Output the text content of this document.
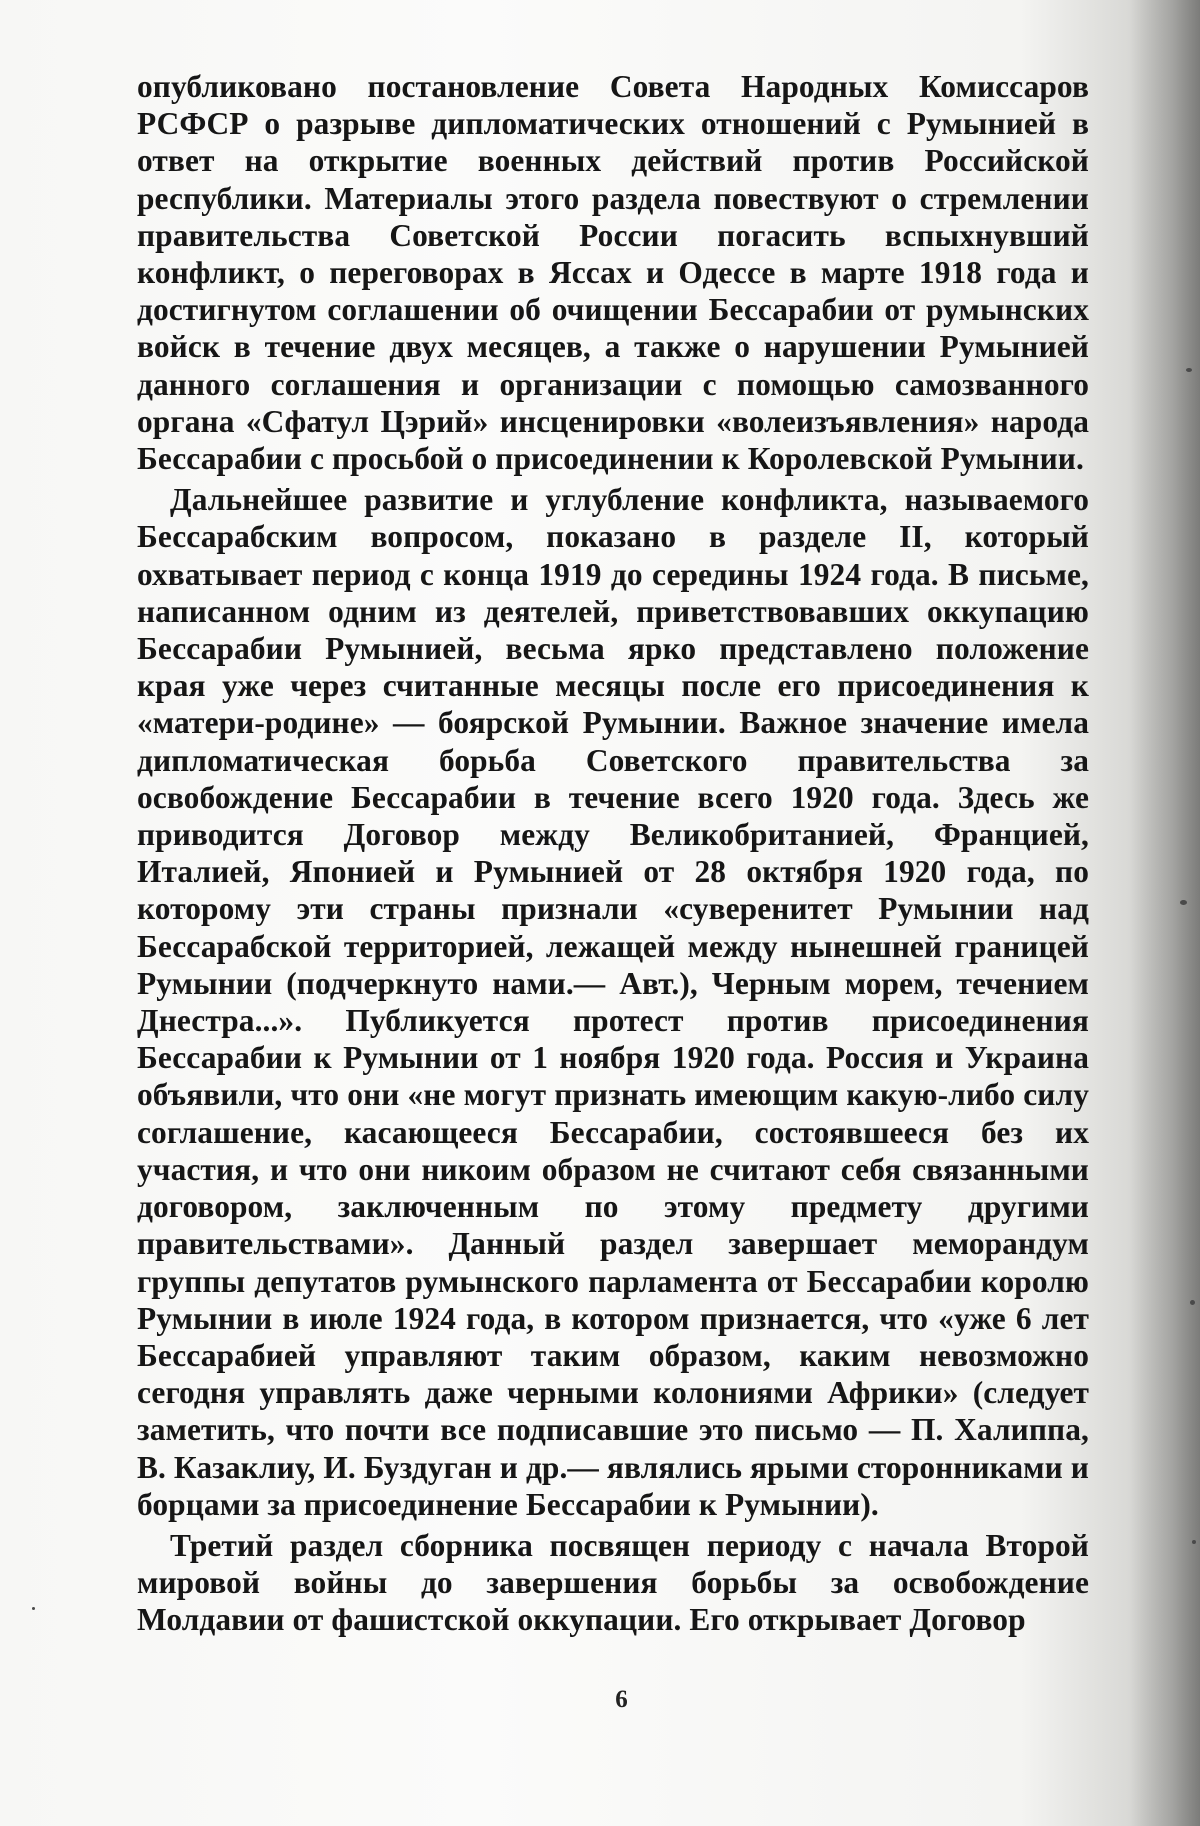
опубликовано постановление Совета Народных Комиссаров РСФСР о разрыве дипломатических отношений с Румынией в ответ на открытие военных действий против Российской республики. Материалы этого раздела повествуют о стремлении правительства Советской России погасить вспыхнувший конфликт, о переговорах в Яссах и Одессе в марте 1918 года и достигнутом соглашении об очищении Бессарабии от румынских войск в течение двух месяцев, а также о нарушении Румынией данного соглашения и организации с помощью самозванного органа «Сфатул Цэрий» инсценировки «волеизъявления» народа Бессарабии с просьбой о присоединении к Королевской Румынии.

Дальнейшее развитие и углубление конфликта, называемого Бессарабским вопросом, показано в разделе II, который охватывает период с конца 1919 до середины 1924 года. В письме, написанном одним из деятелей, приветствовавших оккупацию Бессарабии Румынией, весьма ярко представлено положение края уже через считанные месяцы после его присоединения к «матери-родине» — боярской Румынии. Важное значение имела дипломатическая борьба Советского правительства за освобождение Бессарабии в течение всего 1920 года. Здесь же приводится Договор между Великобританией, Францией, Италией, Японией и Румынией от 28 октября 1920 года, по которому эти страны признали «суверенитет Румынии над Бессарабской территорией, лежащей между нынешней границей Румынии (подчеркнуто нами.— Авт.), Черным морем, течением Днестра...». Публикуется протест против присоединения Бессарабии к Румынии от 1 ноября 1920 года. Россия и Украина объявили, что они «не могут признать имеющим какую-либо силу соглашение, касающееся Бессарабии, состоявшееся без их участия, и что они никоим образом не считают себя связанными договором, заключенным по этому предмету другими правительствами». Данный раздел завершает меморандум группы депутатов румынского парламента от Бессарабии королю Румынии в июле 1924 года, в котором признается, что «уже 6 лет Бессарабией управляют таким образом, каким невозможно сегодня управлять даже черными колониями Африки» (следует заметить, что почти все подписавшие это письмо — П. Халиппа, В. Казаклиу, И. Буздуган и др.— являлись ярыми сторонниками и борцами за присоединение Бессарабии к Румынии).

Третий раздел сборника посвящен периоду с начала Второй мировой войны до завершения борьбы за освобождение Молдавии от фашистской оккупации. Его открывает Договор

6
